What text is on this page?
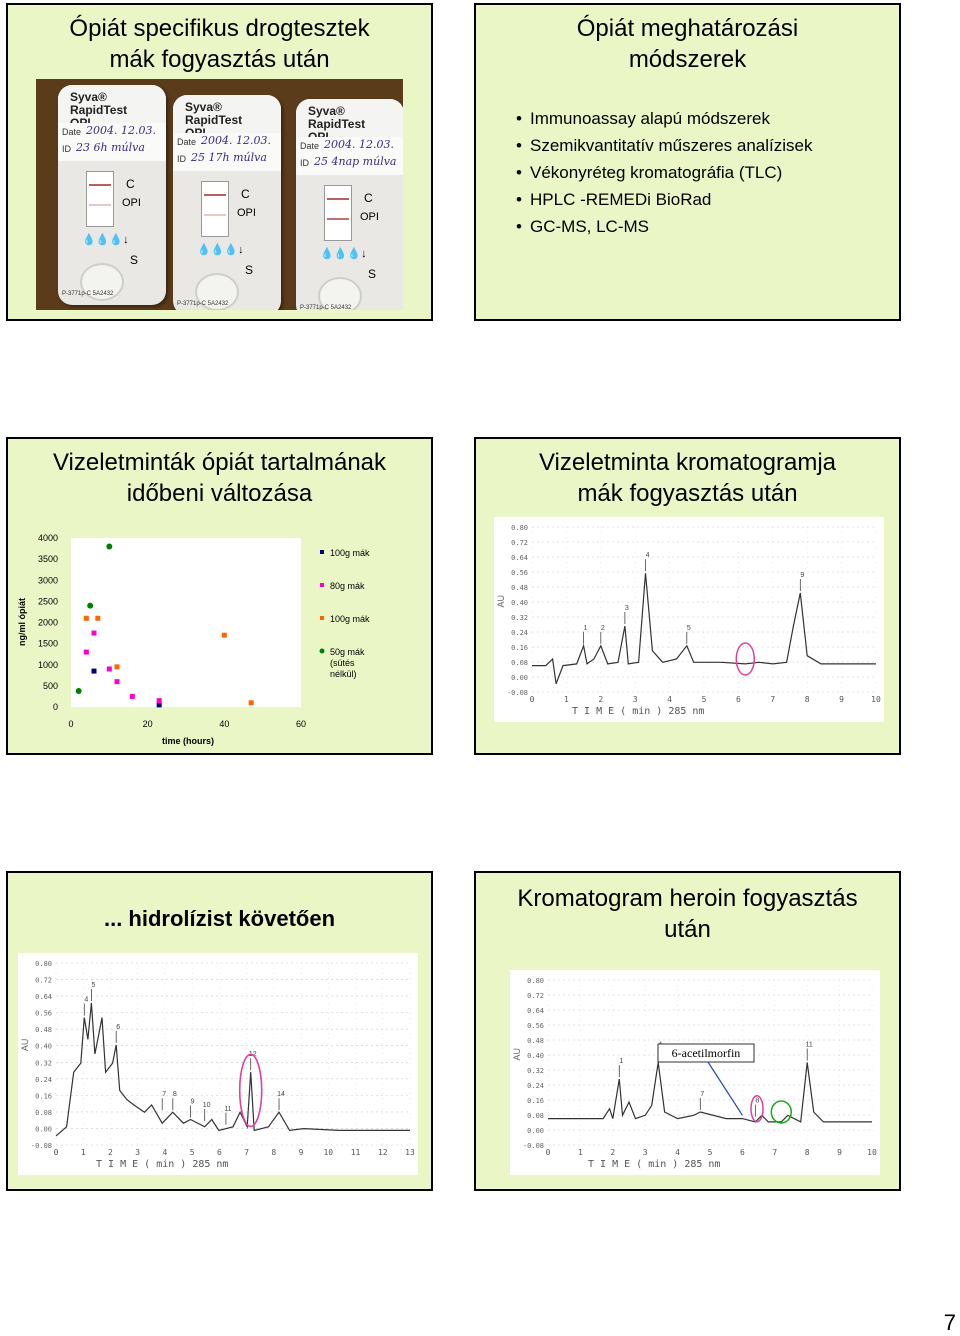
Ópiát specifikus drogtesztek
mák fogyasztás után
Syva® RapidTest
Date 2004. 12.03.
ID 23 6h múlva
C
OPI
💧💧💧↓
S
P-3771p-C 5A2432
Syva® RapidTest
Date 2004. 12.03.
ID 25 17h múlva
C
OPI
💧💧💧↓
S
P-3771p-C 5A2432
Syva® RapidTest
Date 2004. 12.03.
ID 25 4nap múlva
C
OPI
💧💧💧↓
S
P-3771p-C 5A2432
Ópiát meghatározási
módszerek
• Immunoassay alapú módszerek
• Szemikvantitatív műszeres analízisek
• Vékonyréteg kromatográfia (TLC)
• HPLC -REMEDi BioRad
• GC-MS, LC-MS
Vizeletminták ópiát tartalmának
időbeni változása
0
500
1000
1500
2000
2500
3000
3500
4000
0	20	40	60
time (hours)
ng/ml ópiát
100g mák
80g mák
100g mák
50g mák
(sütés
nélkül)
Vizeletminta kromatogramja
mák fogyasztás után
0.80
0.72
0.64
0.56
0.48
0.40
0.32
0.24
0.16
0.08
0.00
-0.08
0	1	2	3	4	5	6	7	8	9	10
T I M E ( min ) 285 nm
AU
1 2
3
4
5
9
... hidrolízist követően
0.80
0.72
0.64
0.56
0.48
0.40
0.32
0.24
0.16
0.08
0.00
-0.08
0	1	2	3	4	5	6	7	8	9 10 11 12 13
T I M E ( min ) 285 nm
AU
4
5
6
7 8
9
10
11
12
14
Kromatogram heroin fogyasztás
után
0.80
0.72
0.64
0.56
0.48
0.40
0.32
0.24
0.16
0.08
0.00
-0.08
0	1	2	3	4	5	6	7	8	9	10
T I M E ( min ) 285 nm
AU
1
7
8
11
6-acetilmorfin
7
